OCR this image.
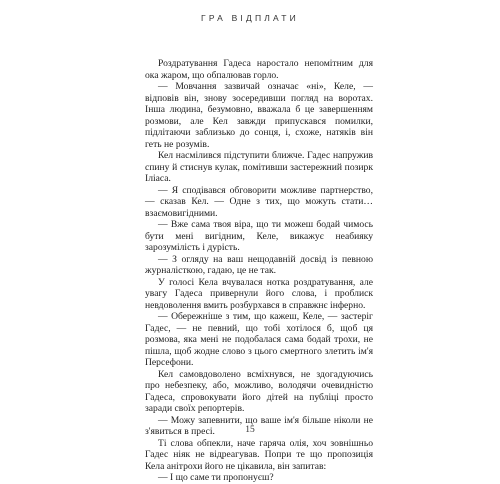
ГРА ВІДПЛАТИ

Роздратування Гадеса наростало непомітним для ока жаром, що обпалював горло.

— Мовчання зазвичай означає «ні», Келе, — відповів він, знову зосередивши погляд на воротах. Інша людина, безумовно, вважала б це завершенням розмови, але Кел завжди припускався помилки, підлітаючи заблизько до сонця, і, схоже, натяків він геть не розумів.

Кел насмілився підступити ближче. Гадес напружив спину й стиснув кулак, помітивши застережний позирк Іліаса.

— Я сподівався обговорити можливе партнерство, — сказав Кел. — Одне з тих, що можуть стати… взаємовигідними.

— Вже сама твоя віра, що ти можеш бодай чимось бути мені вигідним, Келе, викажує неабияку зарозумілість і дурість.

— З огляду на ваш нещодавній досвід із певною журналісткою, гадаю, це не так.

У голосі Кела вчувалася нотка роздратування, але увагу Гадеса привернули його слова, і проблиск невдоволення вмить розбурхався в справжнє інферно.

— Обережніше з тим, що кажеш, Келе, — застеріг Гадес, — не певний, що тобі хотілося б, щоб ця розмова, яка мені не подобалася сама бодай трохи, не пішла, щоб жодне слово з цього смертного злетить ім'я Персефони.

Кел самовдоволено всміхнувся, не здогадуючись про небезпеку, або, можливо, володячи очевидністю Гадеса, спровокувати його дітей на публіці просто заради своїх репортерів.

— Можу запевнити, що ваше ім'я більше ніколи не з'явиться в пресі.

Ті слова обпекли, наче гаряча олія, хоч зовнішньо Гадес ніяк не відреагував. Попри те що пропозиція Кела анітрохи його не цікавила, він запитав:

— І що саме ти пропонуєш?

15
